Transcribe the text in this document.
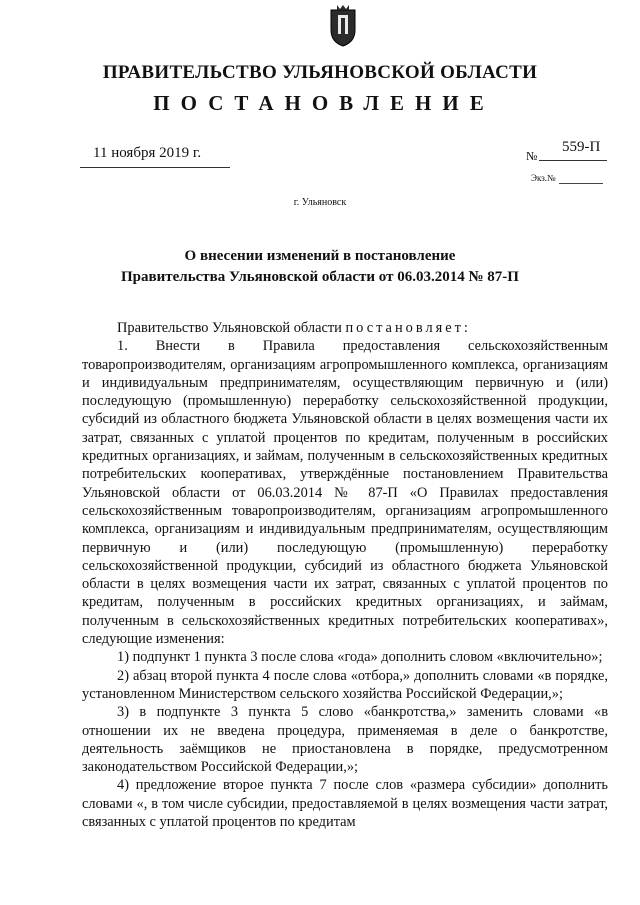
ПРАВИТЕЛЬСТВО УЛЬЯНОВСКОЙ ОБЛАСТИ
ПОСТАНОВЛЕНИЕ
11 ноября 2019 г.	№
559-П
Экз.№
г. Ульяновск
О внесении изменений в постановление
Правительства Ульяновской области от 06.03.2014 № 87-П

Правительство Ульяновской области постановляет:

1. Внести в Правила предоставления сельскохозяйственным товаропроизводителям, организациям агропромышленного комплекса, организациям и индивидуальным предпринимателям, осуществляющим первичную и (или) последующую (промышленную) переработку сельскохозяйственной продукции, субсидий из областного бюджета Ульяновской области в целях возмещения части их затрат, связанных с уплатой процентов по кредитам, полученным в российских кредитных организациях, и займам, полученным в сельскохозяйственных кредитных потребительских кооперативах, утверждённые постановлением Правительства Ульяновской области от 06.03.2014 № 87-П «О Правилах предоставления сельскохозяйственным товаропроизводителям, организациям агропромышленного комплекса, организациям и индивидуальным предпринимателям, осуществляющим первичную и (или) последующую (промышленную) переработку сельскохозяйственной продукции, субсидий из областного бюджета Ульяновской области в целях возмещения части их затрат, связанных с уплатой процентов по кредитам, полученным в российских кредитных организациях, и займам, полученным в сельскохозяйственных кредитных потребительских кооперативах», следующие изменения:

1) подпункт 1 пункта 3 после слова «года» дополнить словом «включительно»;

2) абзац второй пункта 4 после слова «отбора,» дополнить словами «в порядке, установленном Министерством сельского хозяйства Российской Федерации,»;

3) в подпункте 3 пункта 5 слово «банкротства,» заменить словами «в отношении их не введена процедура, применяемая в деле о банкротстве, деятельность заёмщиков не приостановлена в порядке, предусмотренном законодательством Российской Федерации,»;

4) предложение второе пункта 7 после слов «размера субсидии» дополнить словами «, в том числе субсидии, предоставляемой в целях возмещения части затрат, связанных с уплатой процентов по кредитам
